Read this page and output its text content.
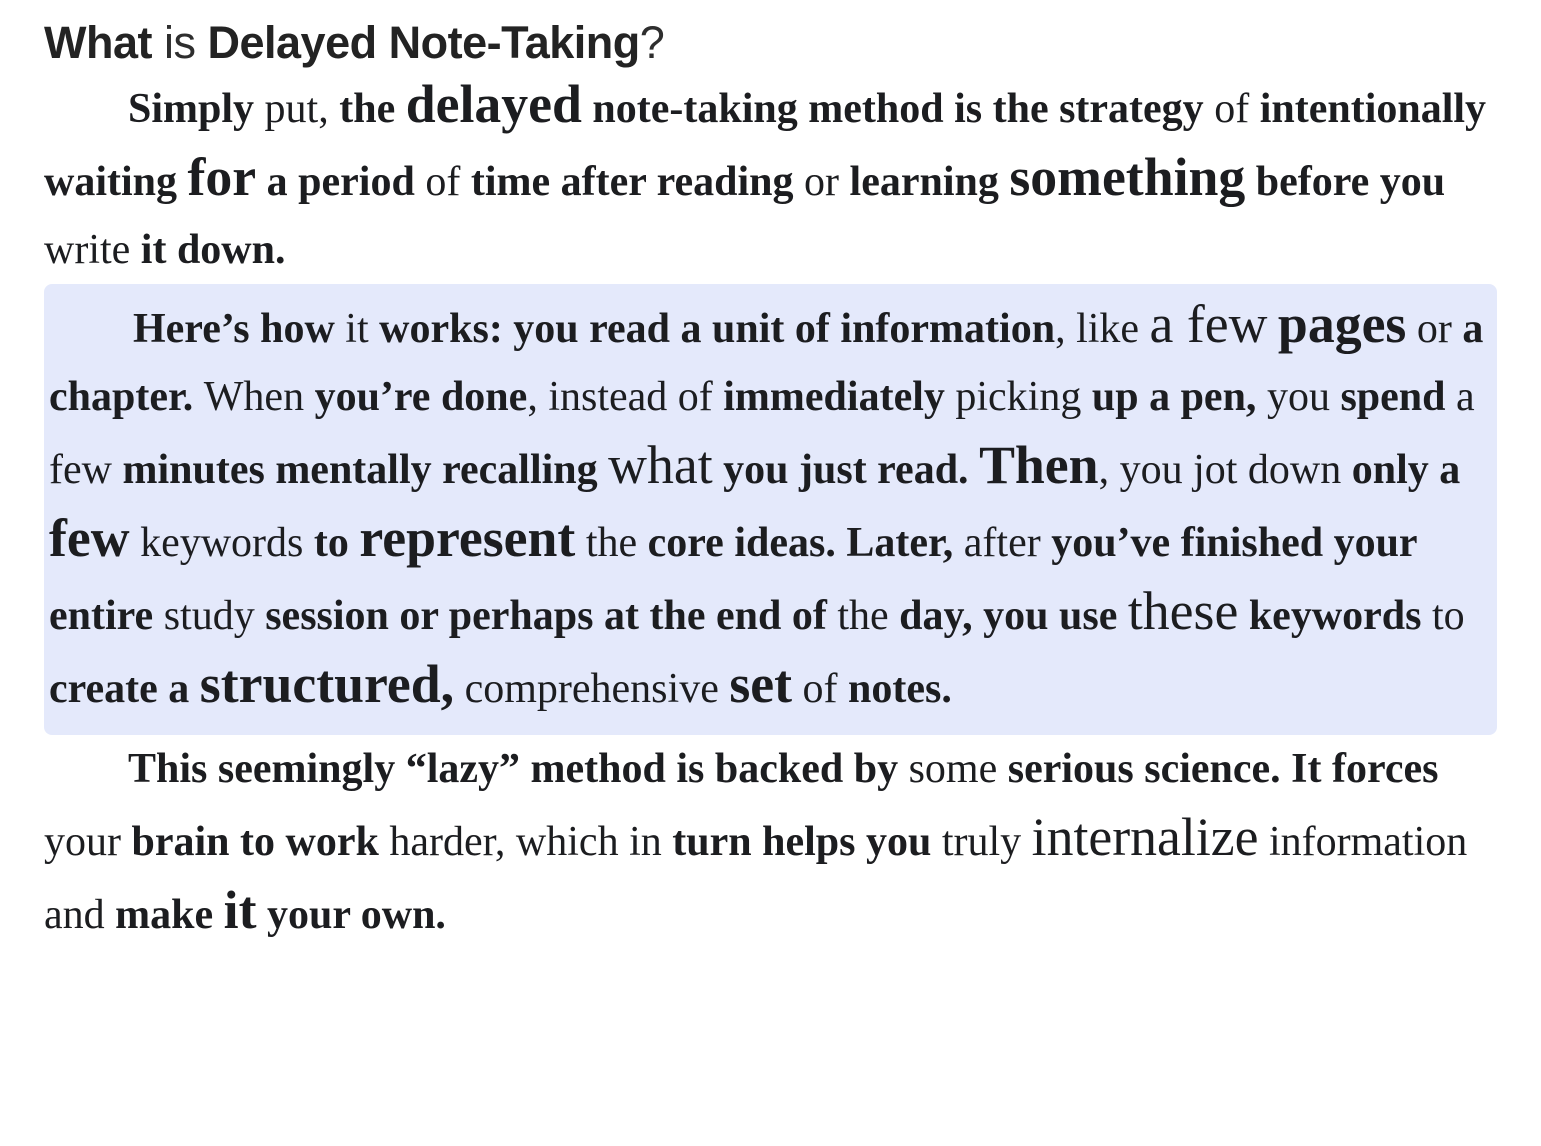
What is Delayed Note-Taking?

Simply put, the delayed note-taking method is the strategy of intentionally waiting for a period of time after reading or learning something before you write it down.

Here’s how it works: you read a unit of information, like a few pages or a chapter. When you’re done, instead of immediately picking up a pen, you spend a few minutes mentally recalling what you just read. Then, you jot down only a few keywords to represent the core ideas. Later, after you’ve finished your entire study session or perhaps at the end of the day, you use these keywords to create a structured, comprehensive set of notes.

This seemingly “lazy” method is backed by some serious science. It forces your brain to work harder, which in turn helps you truly internalize information and make it your own.
